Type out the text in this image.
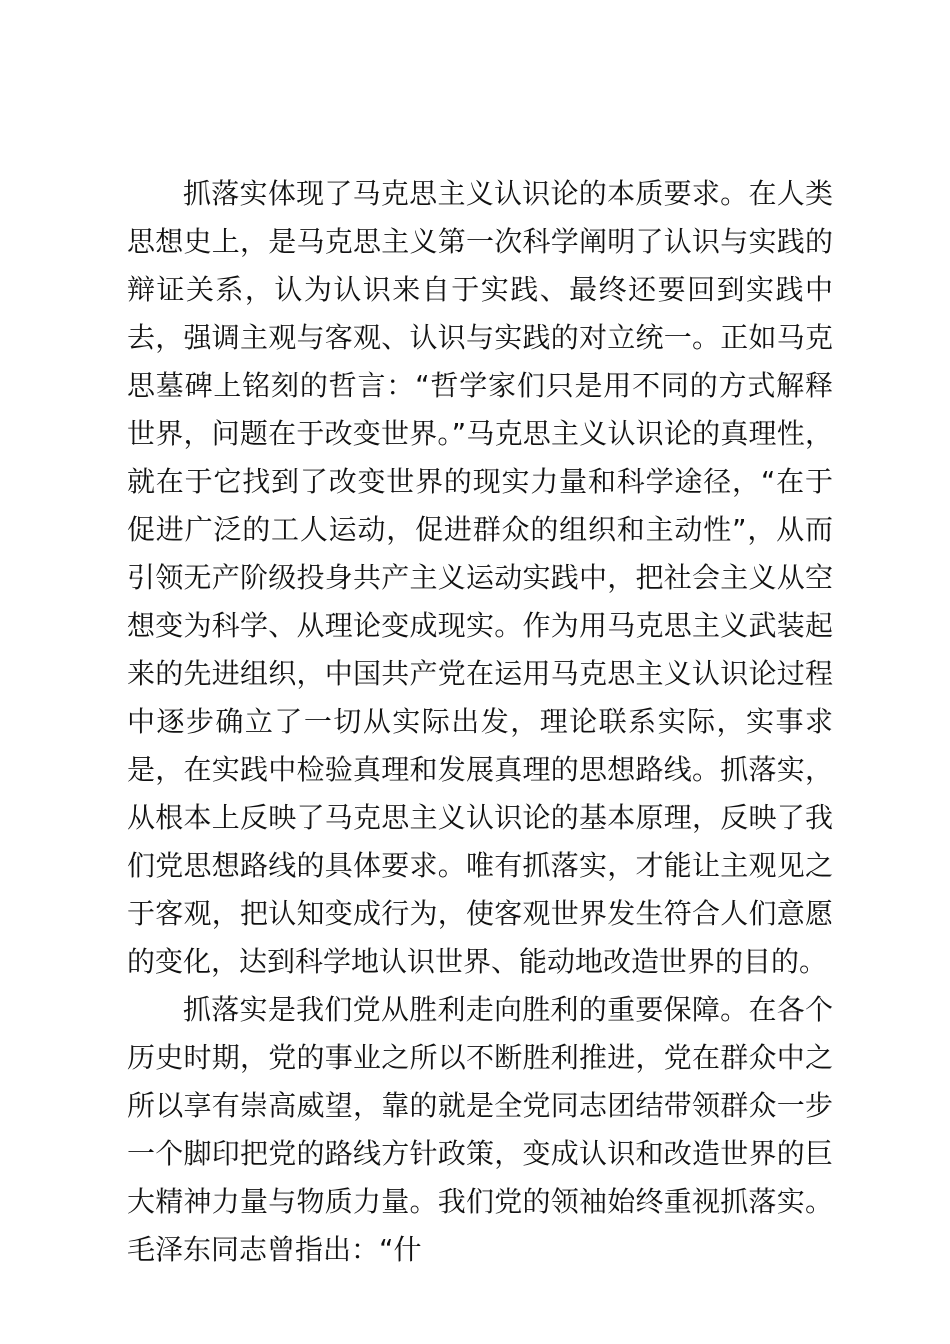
抓落实体现了马克思主义认识论的本质要求。在人类思想史上，是马克思主义第一次科学阐明了认识与实践的辩证关系，认为认识来自于实践、最终还要回到实践中去，强调主观与客观、认识与实践的对立统一。正如马克思墓碑上铭刻的哲言：“哲学家们只是用不同的方式解释世界，问题在于改变世界。”马克思主义认识论的真理性，就在于它找到了改变世界的现实力量和科学途径，“在于促进广泛的工人运动，促进群众的组织和主动性”，从而引领无产阶级投身共产主义运动实践中，把社会主义从空想变为科学、从理论变成现实。作为用马克思主义武装起来的先进组织，中国共产党在运用马克思主义认识论过程中逐步确立了一切从实际出发，理论联系实际，实事求是，在实践中检验真理和发展真理的思想路线。抓落实，从根本上反映了马克思主义认识论的基本原理，反映了我们党思想路线的具体要求。唯有抓落实，才能让主观见之于客观，把认知变成行为，使客观世界发生符合人们意愿的变化，达到科学地认识世界、能动地改造世界的目的。

抓落实是我们党从胜利走向胜利的重要保障。在各个历史时期，党的事业之所以不断胜利推进，党在群众中之所以享有崇高威望，靠的就是全党同志团结带领群众一步一个脚印把党的路线方针政策，变成认识和改造世界的巨大精神力量与物质力量。我们党的领袖始终重视抓落实。毛泽东同志曾指出：“什
